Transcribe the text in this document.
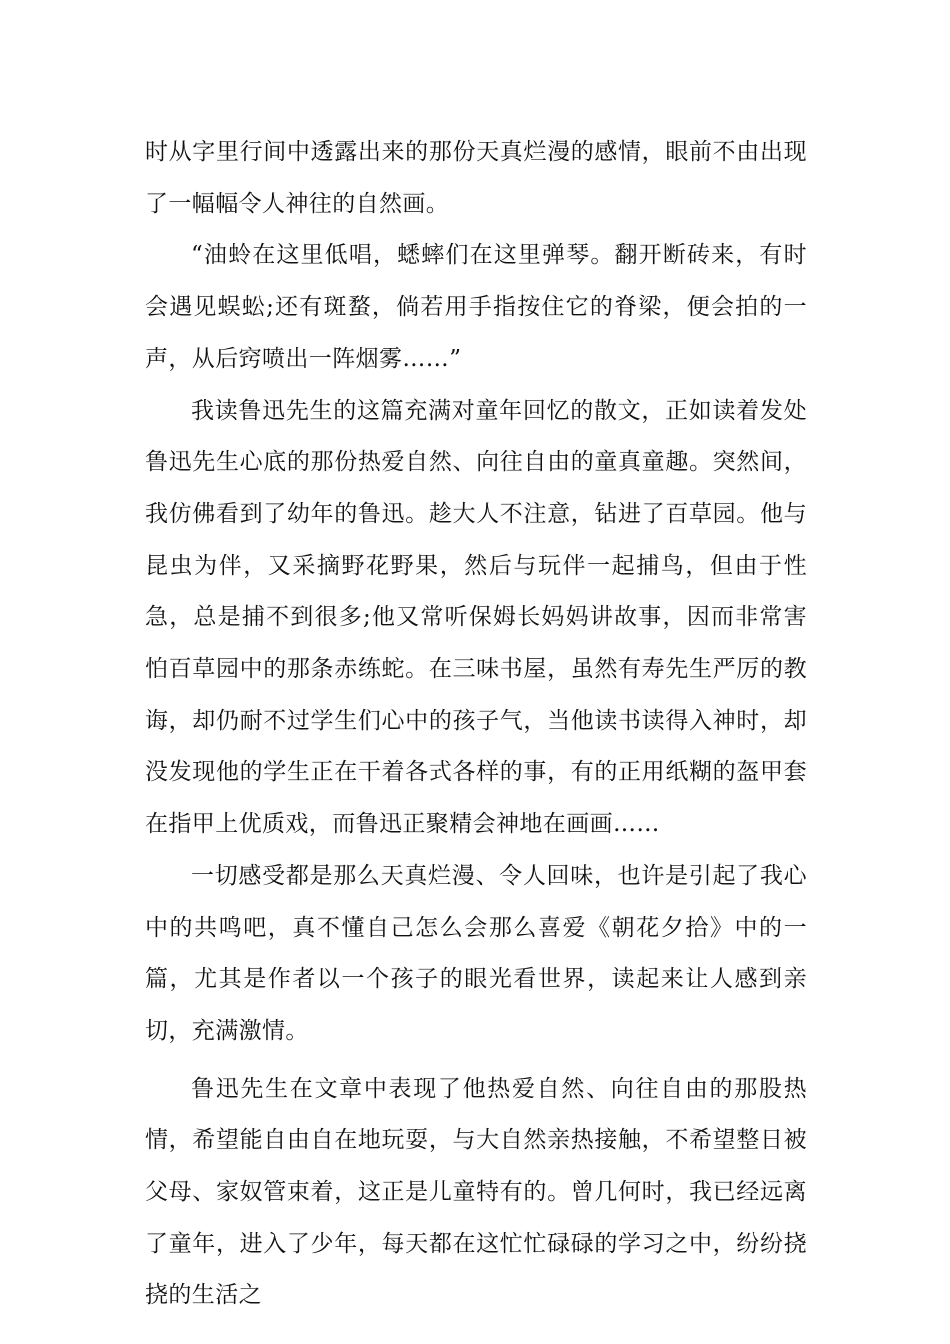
时从字里行间中透露出来的那份天真烂漫的感情，眼前不由出现了一幅幅令人神往的自然画。

“油蛉在这里低唱，蟋蟀们在这里弹琴。翻开断砖来，有时会遇见蜈蚣;还有斑蝥，倘若用手指按住它的脊梁，便会拍的一声，从后窍喷出一阵烟雾……”

我读鲁迅先生的这篇充满对童年回忆的散文，正如读着发处鲁迅先生心底的那份热爱自然、向往自由的童真童趣。突然间，我仿佛看到了幼年的鲁迅。趁大人不注意，钻进了百草园。他与昆虫为伴，又采摘野花野果，然后与玩伴一起捕鸟，但由于性急，总是捕不到很多;他又常听保姆长妈妈讲故事，因而非常害怕百草园中的那条赤练蛇。在三味书屋，虽然有寿先生严厉的教诲，却仍耐不过学生们心中的孩子气，当他读书读得入神时，却没发现他的学生正在干着各式各样的事，有的正用纸糊的盔甲套在指甲上优质戏，而鲁迅正聚精会神地在画画……

一切感受都是那么天真烂漫、令人回味，也许是引起了我心中的共鸣吧，真不懂自己怎么会那么喜爱《朝花夕拾》中的一篇，尤其是作者以一个孩子的眼光看世界，读起来让人感到亲切，充满激情。

鲁迅先生在文章中表现了他热爱自然、向往自由的那股热情，希望能自由自在地玩耍，与大自然亲热接触，不希望整日被父母、家奴管束着，这正是儿童特有的。曾几何时，我已经远离了童年，进入了少年，每天都在这忙忙碌碌的学习之中，纷纷挠挠的生活之
